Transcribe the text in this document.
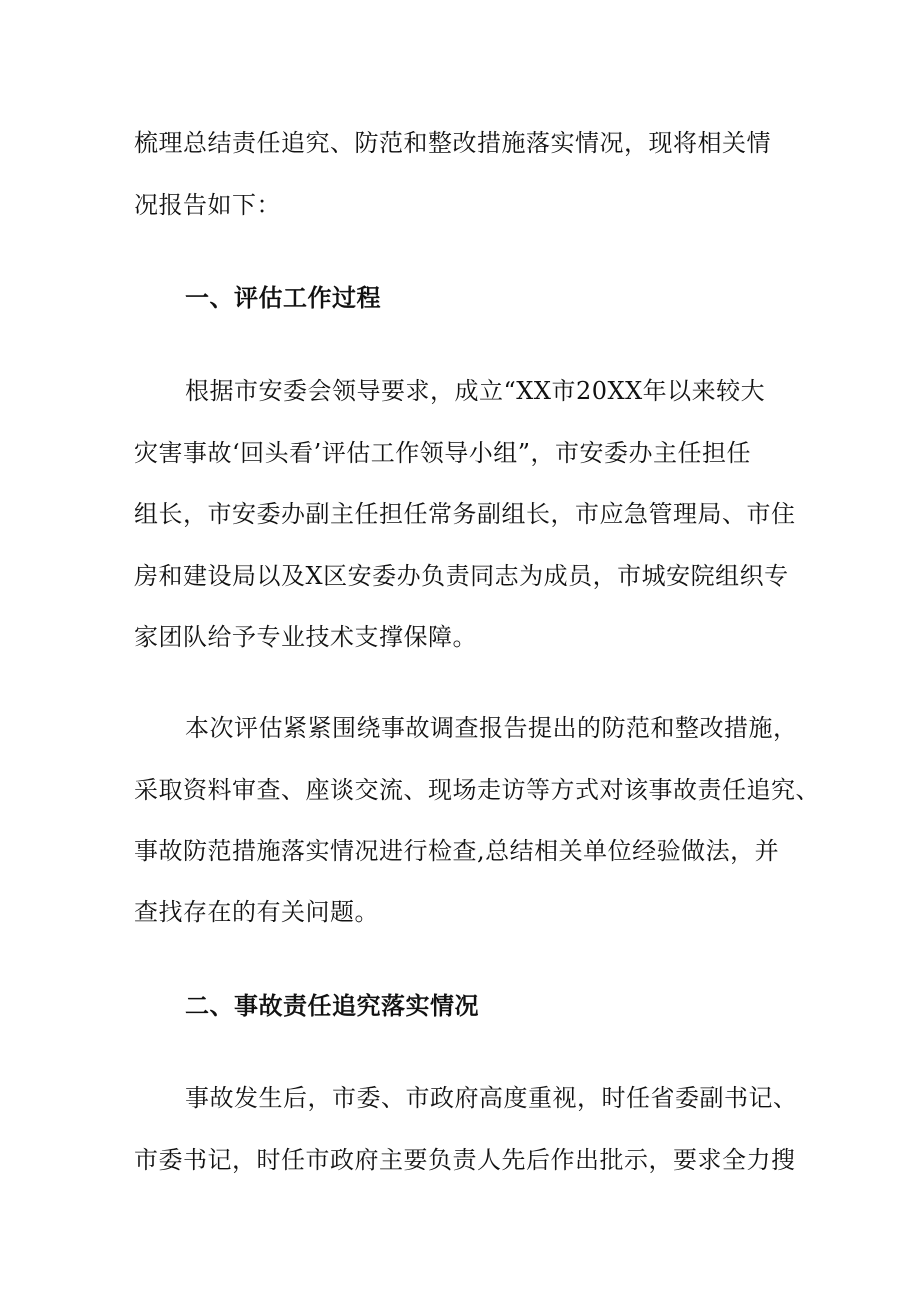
梳理总结责任追究、防范和整改措施落实情况，现将相关情
况报告如下：
一、评估工作过程
根据市安委会领导要求，成立“XX市20XX年以来较大
灾害事故‘回头看’评估工作领导小组”，市安委办主任担任
组长，市安委办副主任担任常务副组长，市应急管理局、市住
房和建设局以及X区安委办负责同志为成员，市城安院组织专
家团队给予专业技术支撑保障。
本次评估紧紧围绕事故调查报告提出的防范和整改措施，
采取资料审查、座谈交流、现场走访等方式对该事故责任追究、
事故防范措施落实情况进行检查,总结相关单位经验做法，并
查找存在的有关问题。
二、事故责任追究落实情况
事故发生后，市委、市政府高度重视，时任省委副书记、
市委书记，时任市政府主要负责人先后作出批示，要求全力搜
